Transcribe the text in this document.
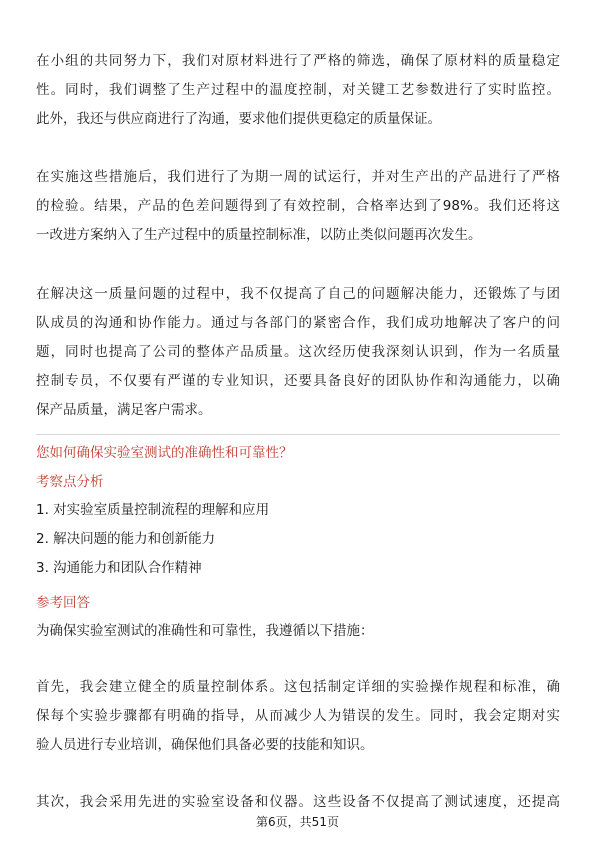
在小组的共同努力下，我们对原材料进行了严格的筛选，确保了原材料的质量稳定
性。同时，我们调整了生产过程中的温度控制，对关键工艺参数进行了实时监控。
此外，我还与供应商进行了沟通，要求他们提供更稳定的质量保证。
在实施这些措施后，我们进行了为期一周的试运行，并对生产出的产品进行了严格
的检验。结果，产品的色差问题得到了有效控制，合格率达到了98%。我们还将这
一改进方案纳入了生产过程中的质量控制标准，以防止类似问题再次发生。
在解决这一质量问题的过程中，我不仅提高了自己的问题解决能力，还锻炼了与团
队成员的沟通和协作能力。通过与各部门的紧密合作，我们成功地解决了客户的问
题，同时也提高了公司的整体产品质量。这次经历使我深刻认识到，作为一名质量
控制专员，不仅要有严谨的专业知识，还要具备良好的团队协作和沟通能力，以确
保产品质量，满足客户需求。

您如何确保实验室测试的准确性和可靠性？

考察点分析

1. 对实验室质量控制流程的理解和应用

2. 解决问题的能力和创新能力

3. 沟通能力和团队合作精神

参考回答

为确保实验室测试的准确性和可靠性，我遵循以下措施：
首先，我会建立健全的质量控制体系。这包括制定详细的实验操作规程和标准，确
保每个实验步骤都有明确的指导，从而减少人为错误的发生。同时，我会定期对实
验人员进行专业培训，确保他们具备必要的技能和知识。
其次，我会采用先进的实验室设备和仪器。这些设备不仅提高了测试速度，还提高
第6页，共51页
